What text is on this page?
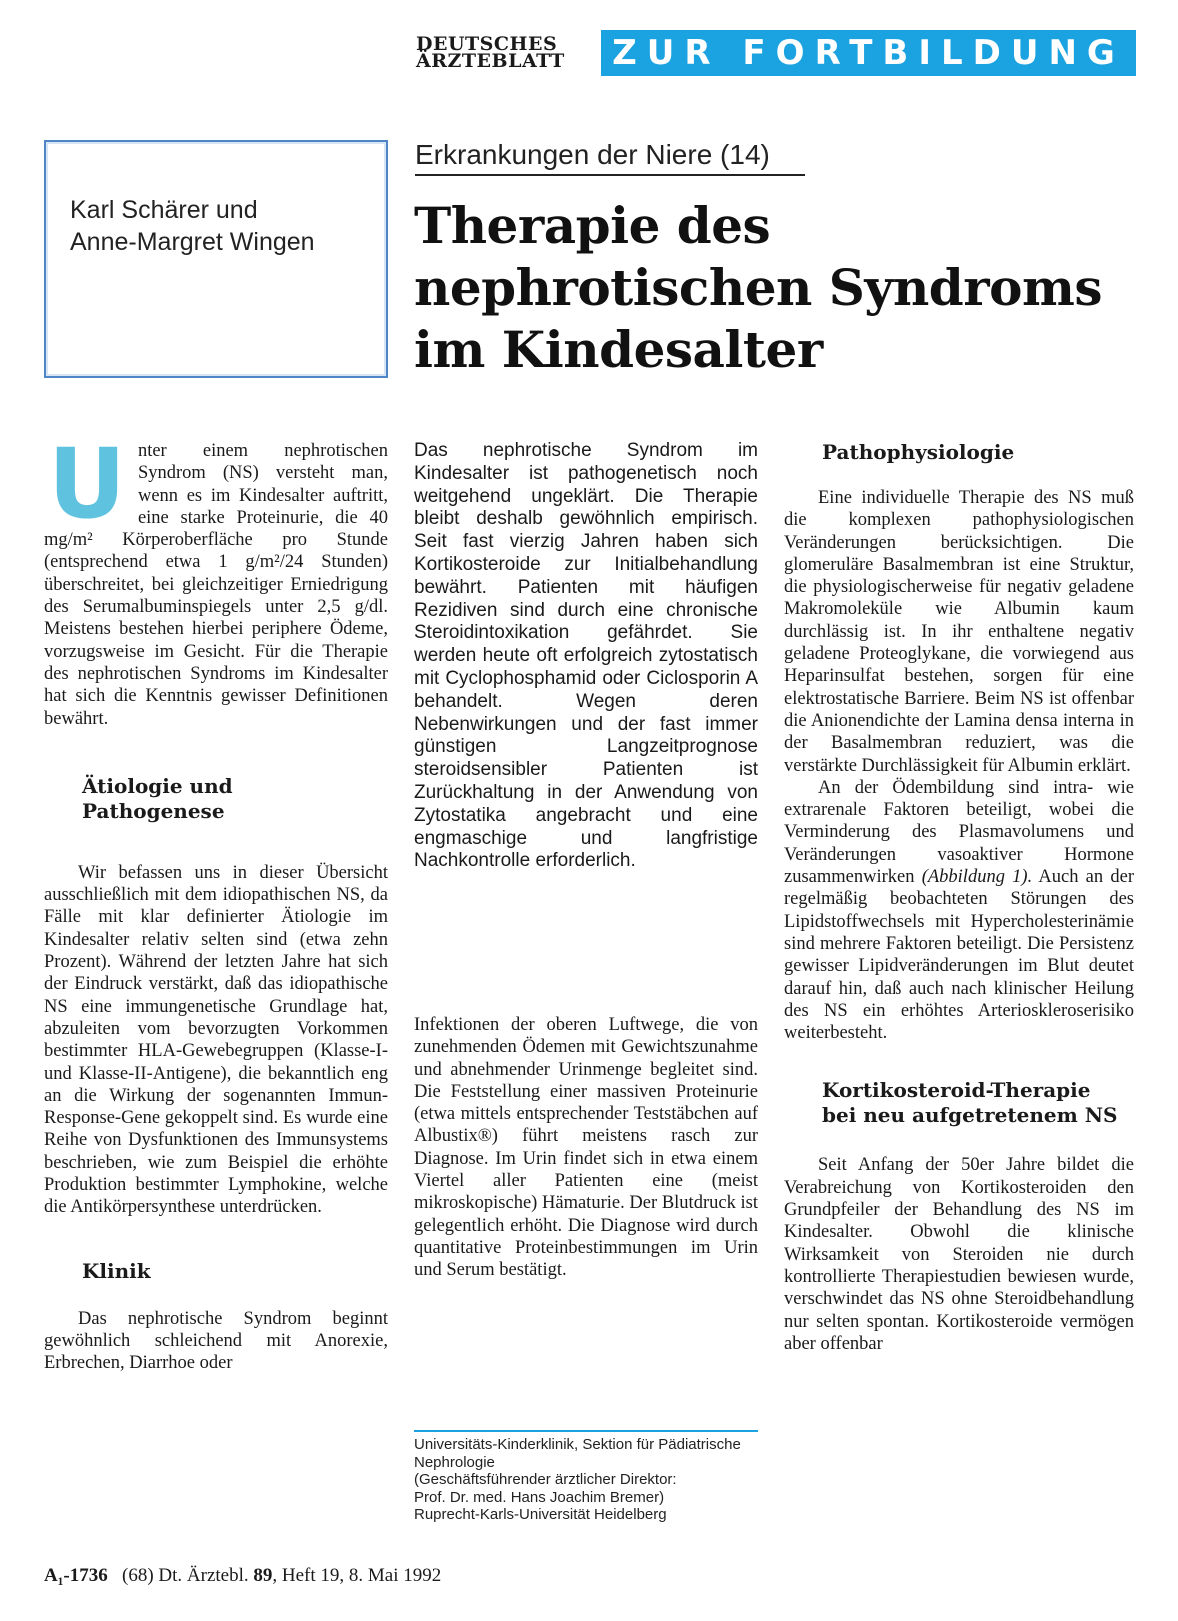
DEUTSCHES
ÄRZTEBLATT	ZUR FORTBILDUNG
Karl Schärer und
Anne-Margret Wingen
Erkrankungen der Niere (14)
Therapie des
nephrotischen Syndroms
im Kindesalter
U nter einem nephrotischen Syndrom (NS) versteht man, wenn es im Kindesalter auftritt, eine starke Proteinurie, die 40 mg/m² Körperoberfläche pro Stunde (entsprechend etwa 1 g/m²/24 Stunden) überschreitet, bei gleichzeitiger Erniedrigung des Serumalbuminspiegels unter 2,5 g/dl. Meistens bestehen hierbei periphere Ödeme, vorzugsweise im Gesicht. Für die Therapie des nephrotischen Syndroms im Kindesalter hat sich die Kenntnis gewisser Definitionen bewährt.

Ätiologie und
Pathogenese

Wir befassen uns in dieser Übersicht ausschließlich mit dem idiopathischen NS, da Fälle mit klar definierter Ätiologie im Kindesalter relativ selten sind (etwa zehn Prozent). Während der letzten Jahre hat sich der Eindruck verstärkt, daß das idiopathische NS eine immungenetische Grundlage hat, abzuleiten vom bevorzugten Vorkommen bestimmter HLA-Gewebegruppen (Klasse-I- und Klasse-II-Antigene), die bekanntlich eng an die Wirkung der sogenannten Immun-Response-Gene gekoppelt sind. Es wurde eine Reihe von Dysfunktionen des Immunsystems beschrieben, wie zum Beispiel die erhöhte Produktion bestimmter Lymphokine, welche die Antikörpersynthese unterdrücken.

Klinik

Das nephrotische Syndrom beginnt gewöhnlich schleichend mit Anorexie, Erbrechen, Diarrhoe oder

Das nephrotische Syndrom im Kindesalter ist pathogenetisch noch weitgehend ungeklärt. Die Therapie bleibt deshalb gewöhnlich empirisch. Seit fast vierzig Jahren haben sich Kortikosteroide zur Initialbehandlung bewährt. Patienten mit häufigen Rezidiven sind durch eine chronische Steroidintoxikation gefährdet. Sie werden heute oft erfolgreich zytostatisch mit Cyclophosphamid oder Ciclosporin A behandelt. Wegen deren Nebenwirkungen und der fast immer günstigen Langzeitprognose steroidsensibler Patienten ist Zurückhaltung in der Anwendung von Zytostatika angebracht und eine engmaschige und langfristige Nachkontrolle erforderlich.

Infektionen der oberen Luftwege, die von zunehmenden Ödemen mit Gewichtszunahme und abnehmender Urinmenge begleitet sind. Die Feststellung einer massiven Proteinurie (etwa mittels entsprechender Teststäbchen auf Albustix®) führt meistens rasch zur Diagnose. Im Urin findet sich in etwa einem Viertel aller Patienten eine (meist mikroskopische) Hämaturie. Der Blutdruck ist gelegentlich erhöht. Die Diagnose wird durch quantitative Proteinbestimmungen im Urin und Serum bestätigt.

Universitäts-Kinderklinik, Sektion für Pädiatrische Nephrologie
(Geschäftsführender ärztlicher Direktor:
Prof. Dr. med. Hans Joachim Bremer)
Ruprecht-Karls-Universität Heidelberg
Pathophysiologie

Eine individuelle Therapie des NS muß die komplexen pathophysiologischen Veränderungen berücksichtigen. Die glomeruläre Basalmembran ist eine Struktur, die physiologischerweise für negativ geladene Makromoleküle wie Albumin kaum durchlässig ist. In ihr enthaltene negativ geladene Proteoglykane, die vorwiegend aus Heparinsulfat bestehen, sorgen für eine elektrostatische Barriere. Beim NS ist offenbar die Anionendichte der Lamina densa interna in der Basalmembran reduziert, was die verstärkte Durchlässigkeit für Albumin erklärt.

An der Ödembildung sind intra- wie extrarenale Faktoren beteiligt, wobei die Verminderung des Plasmavolumens und Veränderungen vasoaktiver Hormone zusammenwirken (Abbildung 1). Auch an der regelmäßig beobachteten Störungen des Lipidstoffwechsels mit Hypercholesterinämie sind mehrere Faktoren beteiligt. Die Persistenz gewisser Lipidveränderungen im Blut deutet darauf hin, daß auch nach klinischer Heilung des NS ein erhöhtes Arterioskleroserisiko weiterbesteht.

Kortikosteroid-Therapie
bei neu aufgetretenem NS

Seit Anfang der 50er Jahre bildet die Verabreichung von Kortikosteroiden den Grundpfeiler der Behandlung des NS im Kindesalter. Obwohl die klinische Wirksamkeit von Steroiden nie durch kontrollierte Therapiestudien bewiesen wurde, verschwindet das NS ohne Steroidbehandlung nur selten spontan. Kortikosteroide vermögen aber offenbar

A₁-1736 (68) Dt. Ärztebl. 89, Heft 19, 8. Mai 1992
